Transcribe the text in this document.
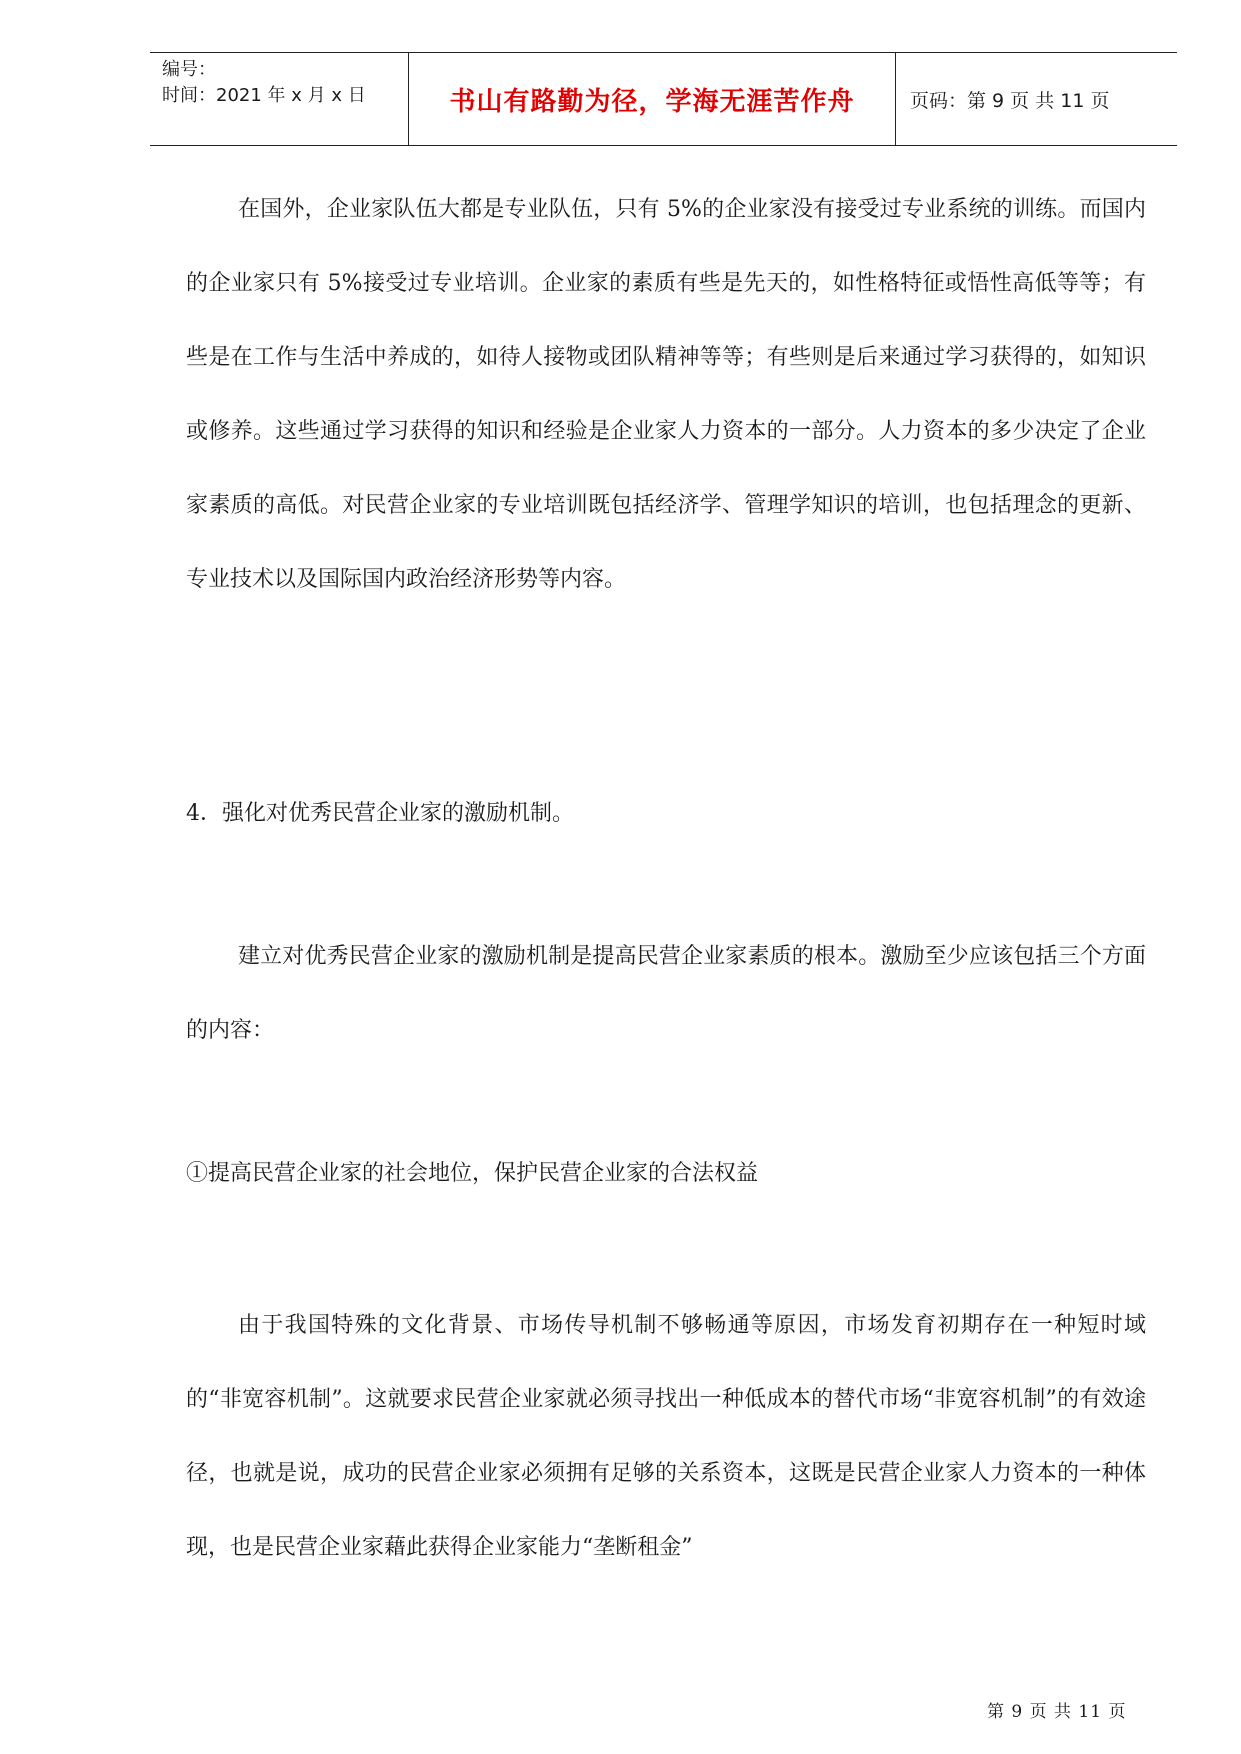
编号：
时间：2021 年 x 月 x 日	书山有路勤为径，学海无涯苦作舟	页码：第 9 页 共 11 页

在国外，企业家队伍大都是专业队伍，只有 5%的企业家没有接受过专业系统的训练。而国内的企业家只有 5%接受过专业培训。企业家的素质有些是先天的，如性格特征或悟性高低等等；有些是在工作与生活中养成的，如待人接物或团队精神等等；有些则是后来通过学习获得的，如知识或修养。这些通过学习获得的知识和经验是企业家人力资本的一部分。人力资本的多少决定了企业家素质的高低。对民营企业家的专业培训既包括经济学、管理学知识的培训，也包括理念的更新、专业技术以及国际国内政治经济形势等内容。

4．强化对优秀民营企业家的激励机制。

建立对优秀民营企业家的激励机制是提高民营企业家素质的根本。激励至少应该包括三个方面的内容：

①提高民营企业家的社会地位，保护民营企业家的合法权益

由于我国特殊的文化背景、市场传导机制不够畅通等原因，市场发育初期存在一种短时域的“非宽容机制”。这就要求民营企业家就必须寻找出一种低成本的替代市场“非宽容机制”的有效途径，也就是说，成功的民营企业家必须拥有足够的关系资本，这既是民营企业家人力资本的一种体现，也是民营企业家藉此获得企业家能力“垄断租金”

第 9 页 共 11 页
